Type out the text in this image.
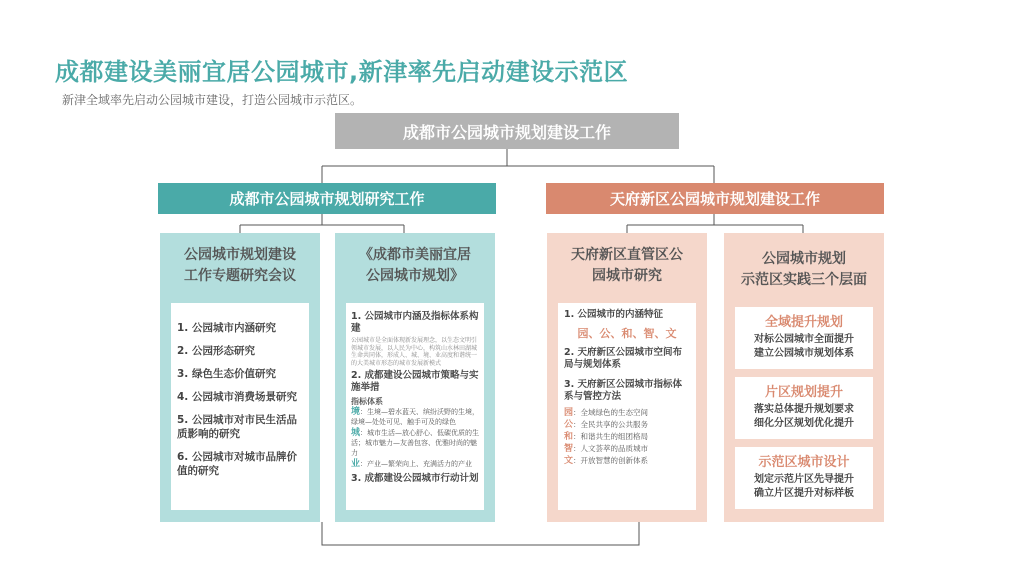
成都建设美丽宜居公园城市,新津率先启动建设示范区
新津全域率先启动公园城市建设，打造公园城市示范区。
成都市公园城市规划建设工作
成都市公园城市规划研究工作	天府新区公园城市规划建设工作
公园城市规划建设
工作专题研究会议
1. 公园城市内涵研究
2. 公园形态研究
3. 绿色生态价值研究
4. 公园城市消费场景研究
5. 公园城市对市民生活品质影响的研究
6. 公园城市对城市品牌价值的研究
《成都市美丽宜居
公园城市规划》
1. 公园城市内涵及指标体系构建
公园城市是全面体现新发展理念，以生态文明引领城市发展，以人民为中心，构筑山水林田湖城生命共同体，形成人、城、境、业高度和谐统一的大美城市形态的城市发展新模式
2. 成都建设公园城市策略与实施举措
指标体系
境：生境—碧水蓝天、缤纷沃野的生境，绿境—处处可见、触手可及的绿色
城：城市生活—放心舒心、低碳优质的生活；城市魅力—友善包容、优雅时尚的魅力
业：产业—繁荣向上、充满活力的产业
3. 成都建设公园城市行动计划
天府新区直管区公
园城市研究
1. 公园城市的内涵特征
园、公、和、智、文
2. 天府新区公园城市空间布局与规划体系
3. 天府新区公园城市指标体系与管控方法
园：全域绿色的生态空间
公：全民共享的公共服务
和：和谐共生的组团格局
智：人文荟萃的品质城市
文：开放智慧的创新体系
公园城市规划
示范区实践三个层面
全域提升规划
对标公园城市全面提升
建立公园城市规划体系
片区规划提升
落实总体提升规划要求
细化分区规划优化提升
示范区城市设计
划定示范片区先导提升
确立片区提升对标样板
